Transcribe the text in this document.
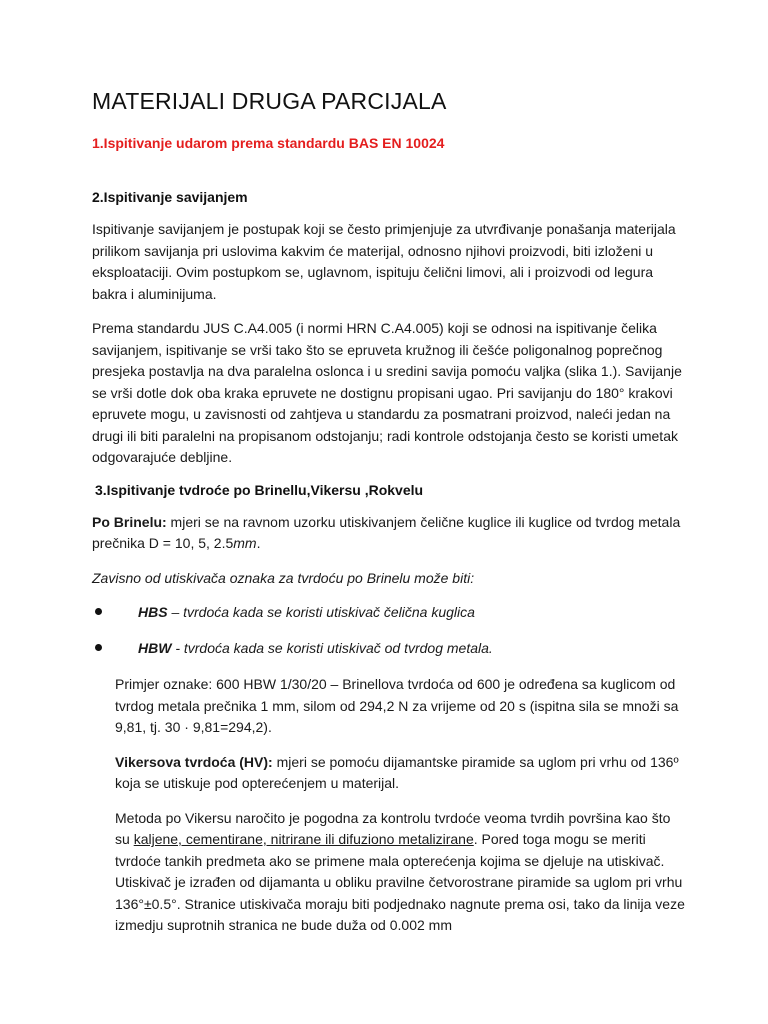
MATERIJALI DRUGA PARCIJALA
1.Ispitivanje udarom prema standardu BAS EN 10024
2.Ispitivanje savijanjem

Ispitivanje savijanjem je postupak koji se često primjenjuje za utvrđivanje ponašanja materijala prilikom savijanja pri uslovima kakvim će materijal, odnosno njihovi proizvodi, biti izloženi u eksploataciji. Ovim postupkom se, uglavnom, ispituju čelični limovi, ali i proizvodi od legura bakra i aluminijuma.

Prema standardu JUS C.A4.005 (i normi HRN C.A4.005) koji se odnosi na ispitivanje čelika savijanjem, ispitivanje se vrši tako što se epruveta kružnog ili češće poligonalnog poprečnog presjeka postavlja na dva paralelna oslonca i u sredini savija pomoću valjka (slika 1.). Savijanje se vrši dotle dok oba kraka epruvete ne dostignu propisani ugao. Pri savijanju do 180° krakovi epruvete mogu, u zavisnosti od zahtjeva u standardu za posmatrani proizvod, naleći jedan na drugi ili biti paralelni na propisanom odstojanju; radi kontrole odstojanja često se koristi umetak odgovarajuće debljine.

3.Ispitivanje tvdroće po Brinellu,Vikersu ,Rokvelu

Po Brinelu: mjeri se na ravnom uzorku utiskivanjem čelične kuglice ili kuglice od tvrdog metala prečnika D = 10, 5, 2.5mm.

Zavisno od utiskivača oznaka za tvrdoću po Brinelu može biti:

HBS – tvrdoća kada se koristi utiskivač čelična kuglica
HBW - tvrdoća kada se koristi utiskivač od tvrdog metala.

Primjer oznake: 600 HBW 1/30/20 – Brinellova tvrdoća od 600 je određena sa kuglicom od tvrdog metala prečnika 1 mm, silom od 294,2 N za vrijeme od 20 s (ispitna sila se množi sa 9,81, tj. 30 · 9,81=294,2).

Vikersova tvrdoća (HV): mjeri se pomoću dijamantske piramide sa uglom pri vrhu od 136º koja se utiskuje pod opterećenjem u materijal.

Metoda po Vikersu naročito je pogodna za kontrolu tvrdoće veoma tvrdih površina kao što su kaljene, cementirane, nitrirane ili difuziono metalizirane. Pored toga mogu se meriti tvrdoće tankih predmeta ako se primene mala opterećenja kojima se djeluje na utiskivač. Utiskivač je izrađen od dijamanta u obliku pravilne četvorostrane piramide sa uglom pri vrhu 136°±0.5°. Stranice utiskivača moraju biti podjednako nagnute prema osi, tako da linija veze izmedju suprotnih stranica ne bude duža od 0.002 mm
